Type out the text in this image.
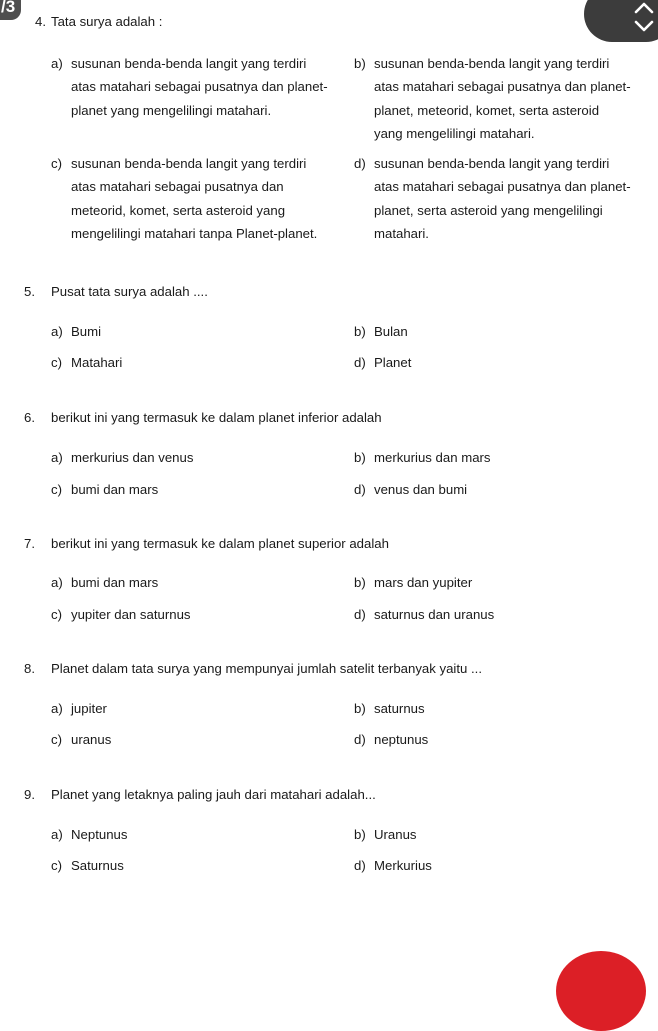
/3
4. Tata surya adalah :
a) susunan benda-benda langit yang terdiri
atas matahari sebagai pusatnya dan planet-
planet yang mengelilingi matahari.
b) susunan benda-benda langit yang terdiri
atas matahari sebagai pusatnya dan planet-
planet, meteorid, komet, serta asteroid
yang mengelilingi matahari.
c) susunan benda-benda langit yang terdiri
atas matahari sebagai pusatnya dan
meteorid, komet, serta asteroid yang
mengelilingi matahari tanpa Planet-planet.
d) susunan benda-benda langit yang terdiri
atas matahari sebagai pusatnya dan planet-
planet, serta asteroid yang mengelilingi
matahari.
5. Pusat tata surya adalah ....
a) Bumi	b) Bulan
c) Matahari	d) Planet
6. berikut ini yang termasuk ke dalam planet inferior adalah
a) merkurius dan venus	b) merkurius dan mars
c) bumi dan mars	d) venus dan bumi
7. berikut ini yang termasuk ke dalam planet superior adalah
a) bumi dan mars	b) mars dan yupiter
c) yupiter dan saturnus	d) saturnus dan uranus
8. Planet dalam tata surya yang mempunyai jumlah satelit terbanyak yaitu ...
a) jupiter	b) saturnus
c) uranus	d) neptunus
9. Planet yang letaknya paling jauh dari matahari adalah...
a) Neptunus	b) Uranus
c) Saturnus	d) Merkurius
